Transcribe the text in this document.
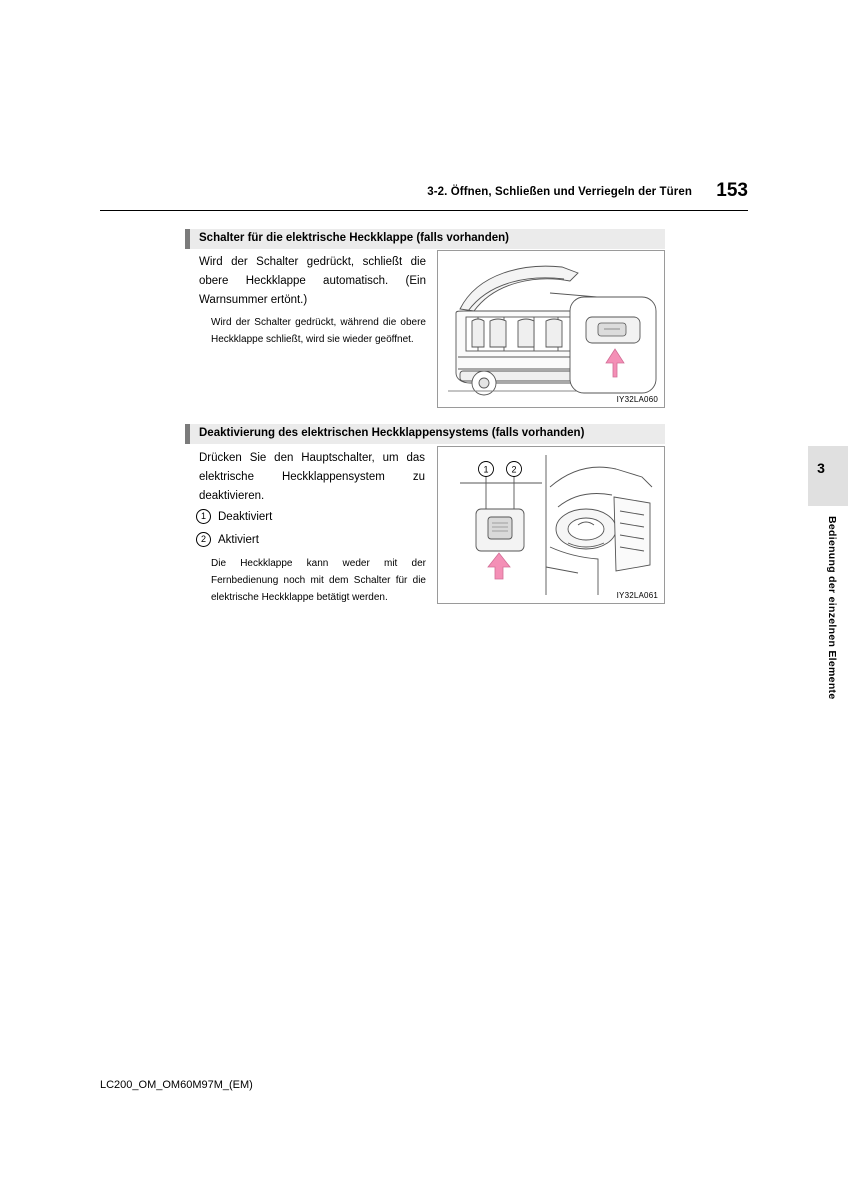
3-2. Öffnen, Schließen und Verriegeln der Türen 153
Schalter für die elektrische Heckklappe (falls vorhanden)
Wird der Schalter gedrückt, schließt die obere Heckklappe automatisch. (Ein Warnsummer ertönt.)
Wird der Schalter gedrückt, während die obere Heckklappe schließt, wird sie wieder geöffnet.
IY32LA060
Deaktivierung des elektrischen Heckklappensystems (falls vorhanden)
Drücken Sie den Hauptschalter, um das elektrische Heckklappensystem zu deaktivieren.
1 Deaktiviert
2 Aktiviert
Die Heckklappe kann weder mit der Fernbedienung noch mit dem Schalter für die elektrische Heckklappe betätigt werden.
1	2
IY32LA061
3
Bedienung der einzelnen Elemente
LC200_OM_OM60M97M_(EM)
